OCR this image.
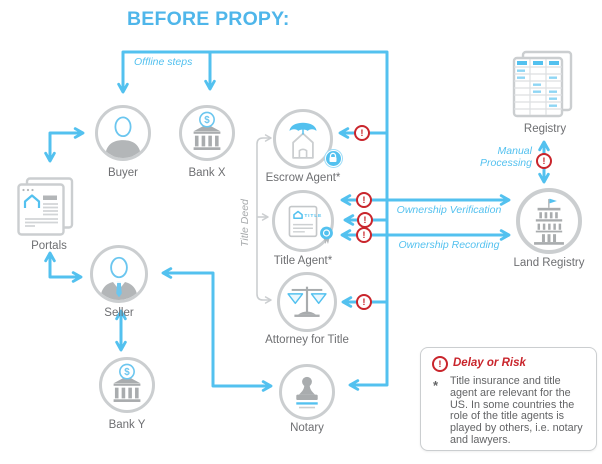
BEFORE PROPY:
Offline steps
Ownership Verification
Ownership Recording
Manual Processing
Title Deed
Buyer
$
Bank X	Escrow Agent*
TITLE
Title Agent*
Attorney for Title
Notary
Seller
$
Bank Y
Portals
Registry
Land Registry
!
!
!
!
!
!
! Delay or Risk
* Title insurance and title agent are relevant for the US. In some countries the role of the title agents is played by others, i.e. notary and lawyers.
